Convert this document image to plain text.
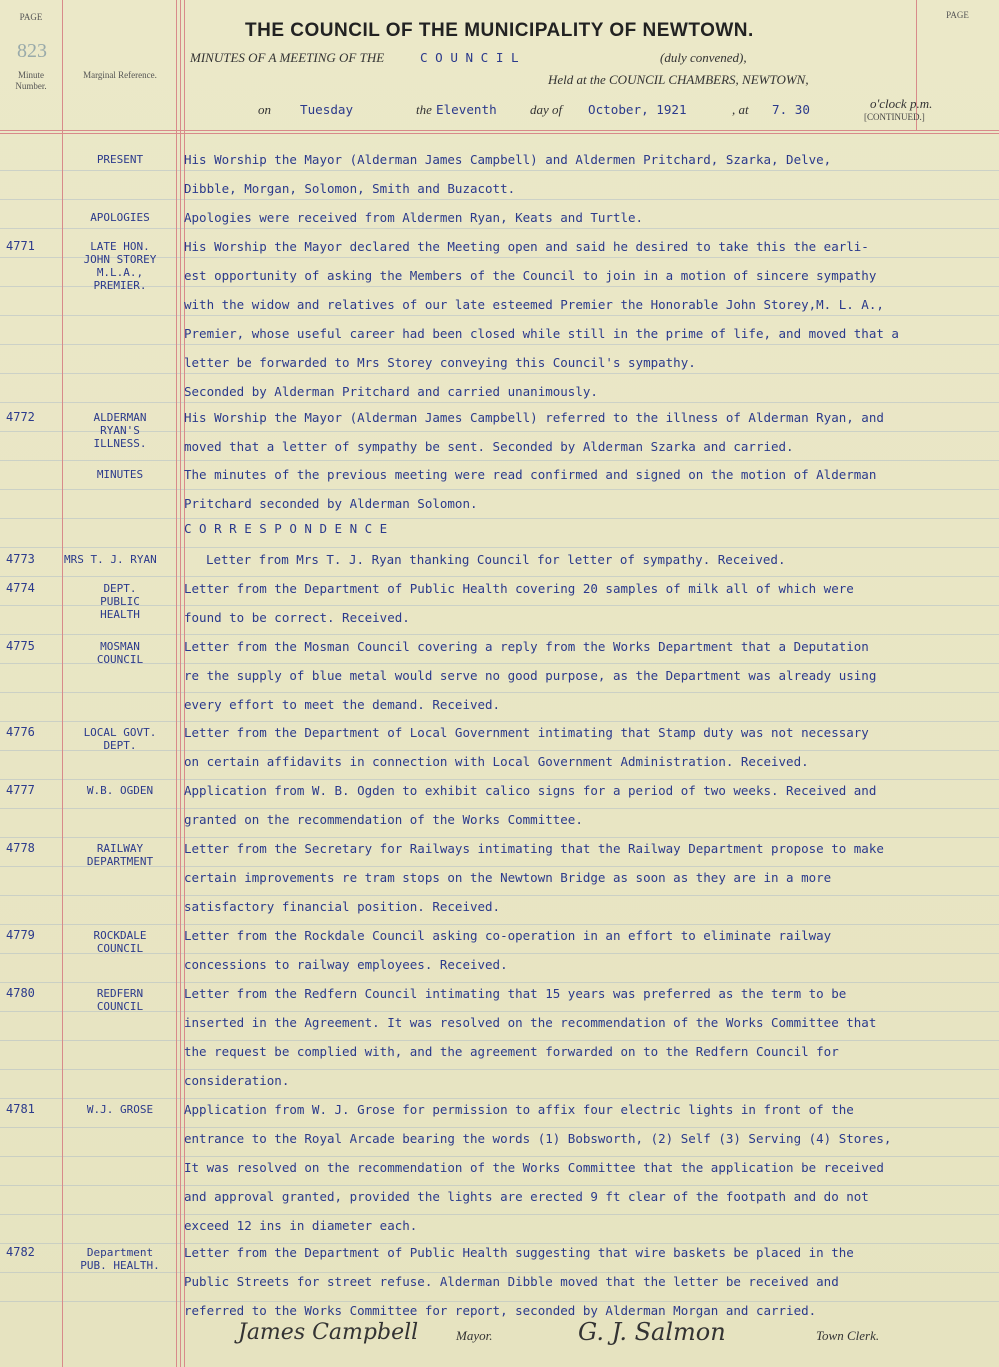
PAGE
823
Minute Number.
Marginal Reference.
PAGE
THE COUNCIL OF THE MUNICIPALITY OF NEWTOWN.
MINUTES OF A MEETING OF THE	C O U N C I L	(duly convened),
Held at the COUNCIL CHAMBERS, NEWTOWN,
on Tuesday	the Eleventh	day of October, 1921	, at 7. 30	o'clock p.m.
[CONTINUED.]
PRESENT	His Worship the Mayor (Alderman James Campbell) and Aldermen Pritchard, Szarka, Delve,
Dibble, Morgan, Solomon, Smith and Buzacott.
APOLOGIES	Apologies were received from Aldermen Ryan, Keats and Turtle.
4771	LATE HON.
JOHN STOREY
M.L.A.,
PREMIER.
His Worship the Mayor declared the Meeting open and said he desired to take this the earli-
est opportunity of asking the Members of the Council to join in a motion of sincere sympathy
with the widow and relatives of our late esteemed Premier the Honorable John Storey,M. L. A.,
Premier, whose useful career had been closed while still in the prime of life, and moved that a
letter be forwarded to Mrs Storey conveying this Council's sympathy.
Seconded by Alderman Pritchard and carried unanimously.
4772	ALDERMAN
RYAN'S
ILLNESS.
His Worship the Mayor (Alderman James Campbell) referred to the illness of Alderman Ryan, and
moved that a letter of sympathy be sent. Seconded by Alderman Szarka and carried.
MINUTES	The minutes of the previous meeting were read confirmed and signed on the motion of Alderman
Pritchard seconded by Alderman Solomon.
C O R R E S P O N D E N C E
4773	MRS T. J. RYAN	Letter from Mrs T. J. Ryan thanking Council for letter of sympathy. Received.
4774	DEPT.
PUBLIC
HEALTH
Letter from the Department of Public Health covering 20 samples of milk all of which were
found to be correct. Received.
4775	MOSMAN
COUNCIL
Letter from the Mosman Council covering a reply from the Works Department that a Deputation
re the supply of blue metal would serve no good purpose, as the Department was already using
every effort to meet the demand. Received.
4776	LOCAL GOVT.
DEPT.
Letter from the Department of Local Government intimating that Stamp duty was not necessary
on certain affidavits in connection with Local Government Administration. Received.
4777	W.B. OGDEN	Application from W. B. Ogden to exhibit calico signs for a period of two weeks. Received and
granted on the recommendation of the Works Committee.
4778	RAILWAY
DEPARTMENT
Letter from the Secretary for Railways intimating that the Railway Department propose to make
certain improvements re tram stops on the Newtown Bridge as soon as they are in a more
satisfactory financial position. Received.
4779	ROCKDALE
COUNCIL
Letter from the Rockdale Council asking co-operation in an effort to eliminate railway
concessions to railway employees. Received.
4780	REDFERN
COUNCIL
Letter from the Redfern Council intimating that 15 years was preferred as the term to be
inserted in the Agreement. It was resolved on the recommendation of the Works Committee that
the request be complied with, and the agreement forwarded on to the Redfern Council for
consideration.
4781	W.J. GROSE	Application from W. J. Grose for permission to affix four electric lights in front of the
entrance to the Royal Arcade bearing the words (1) Bobsworth, (2) Self (3) Serving (4) Stores,
It was resolved on the recommendation of the Works Committee that the application be received
and approval granted, provided the lights are erected 9 ft clear of the footpath and do not
exceed 12 ins in diameter each.
4782	Department
PUB. HEALTH.
Letter from the Department of Public Health suggesting that wire baskets be placed in the
Public Streets for street refuse. Alderman Dibble moved that the letter be received and
referred to the Works Committee for report, seconded by Alderman Morgan and carried.
James Campbell	Mayor.	G. J. Salmon	Town Clerk.
